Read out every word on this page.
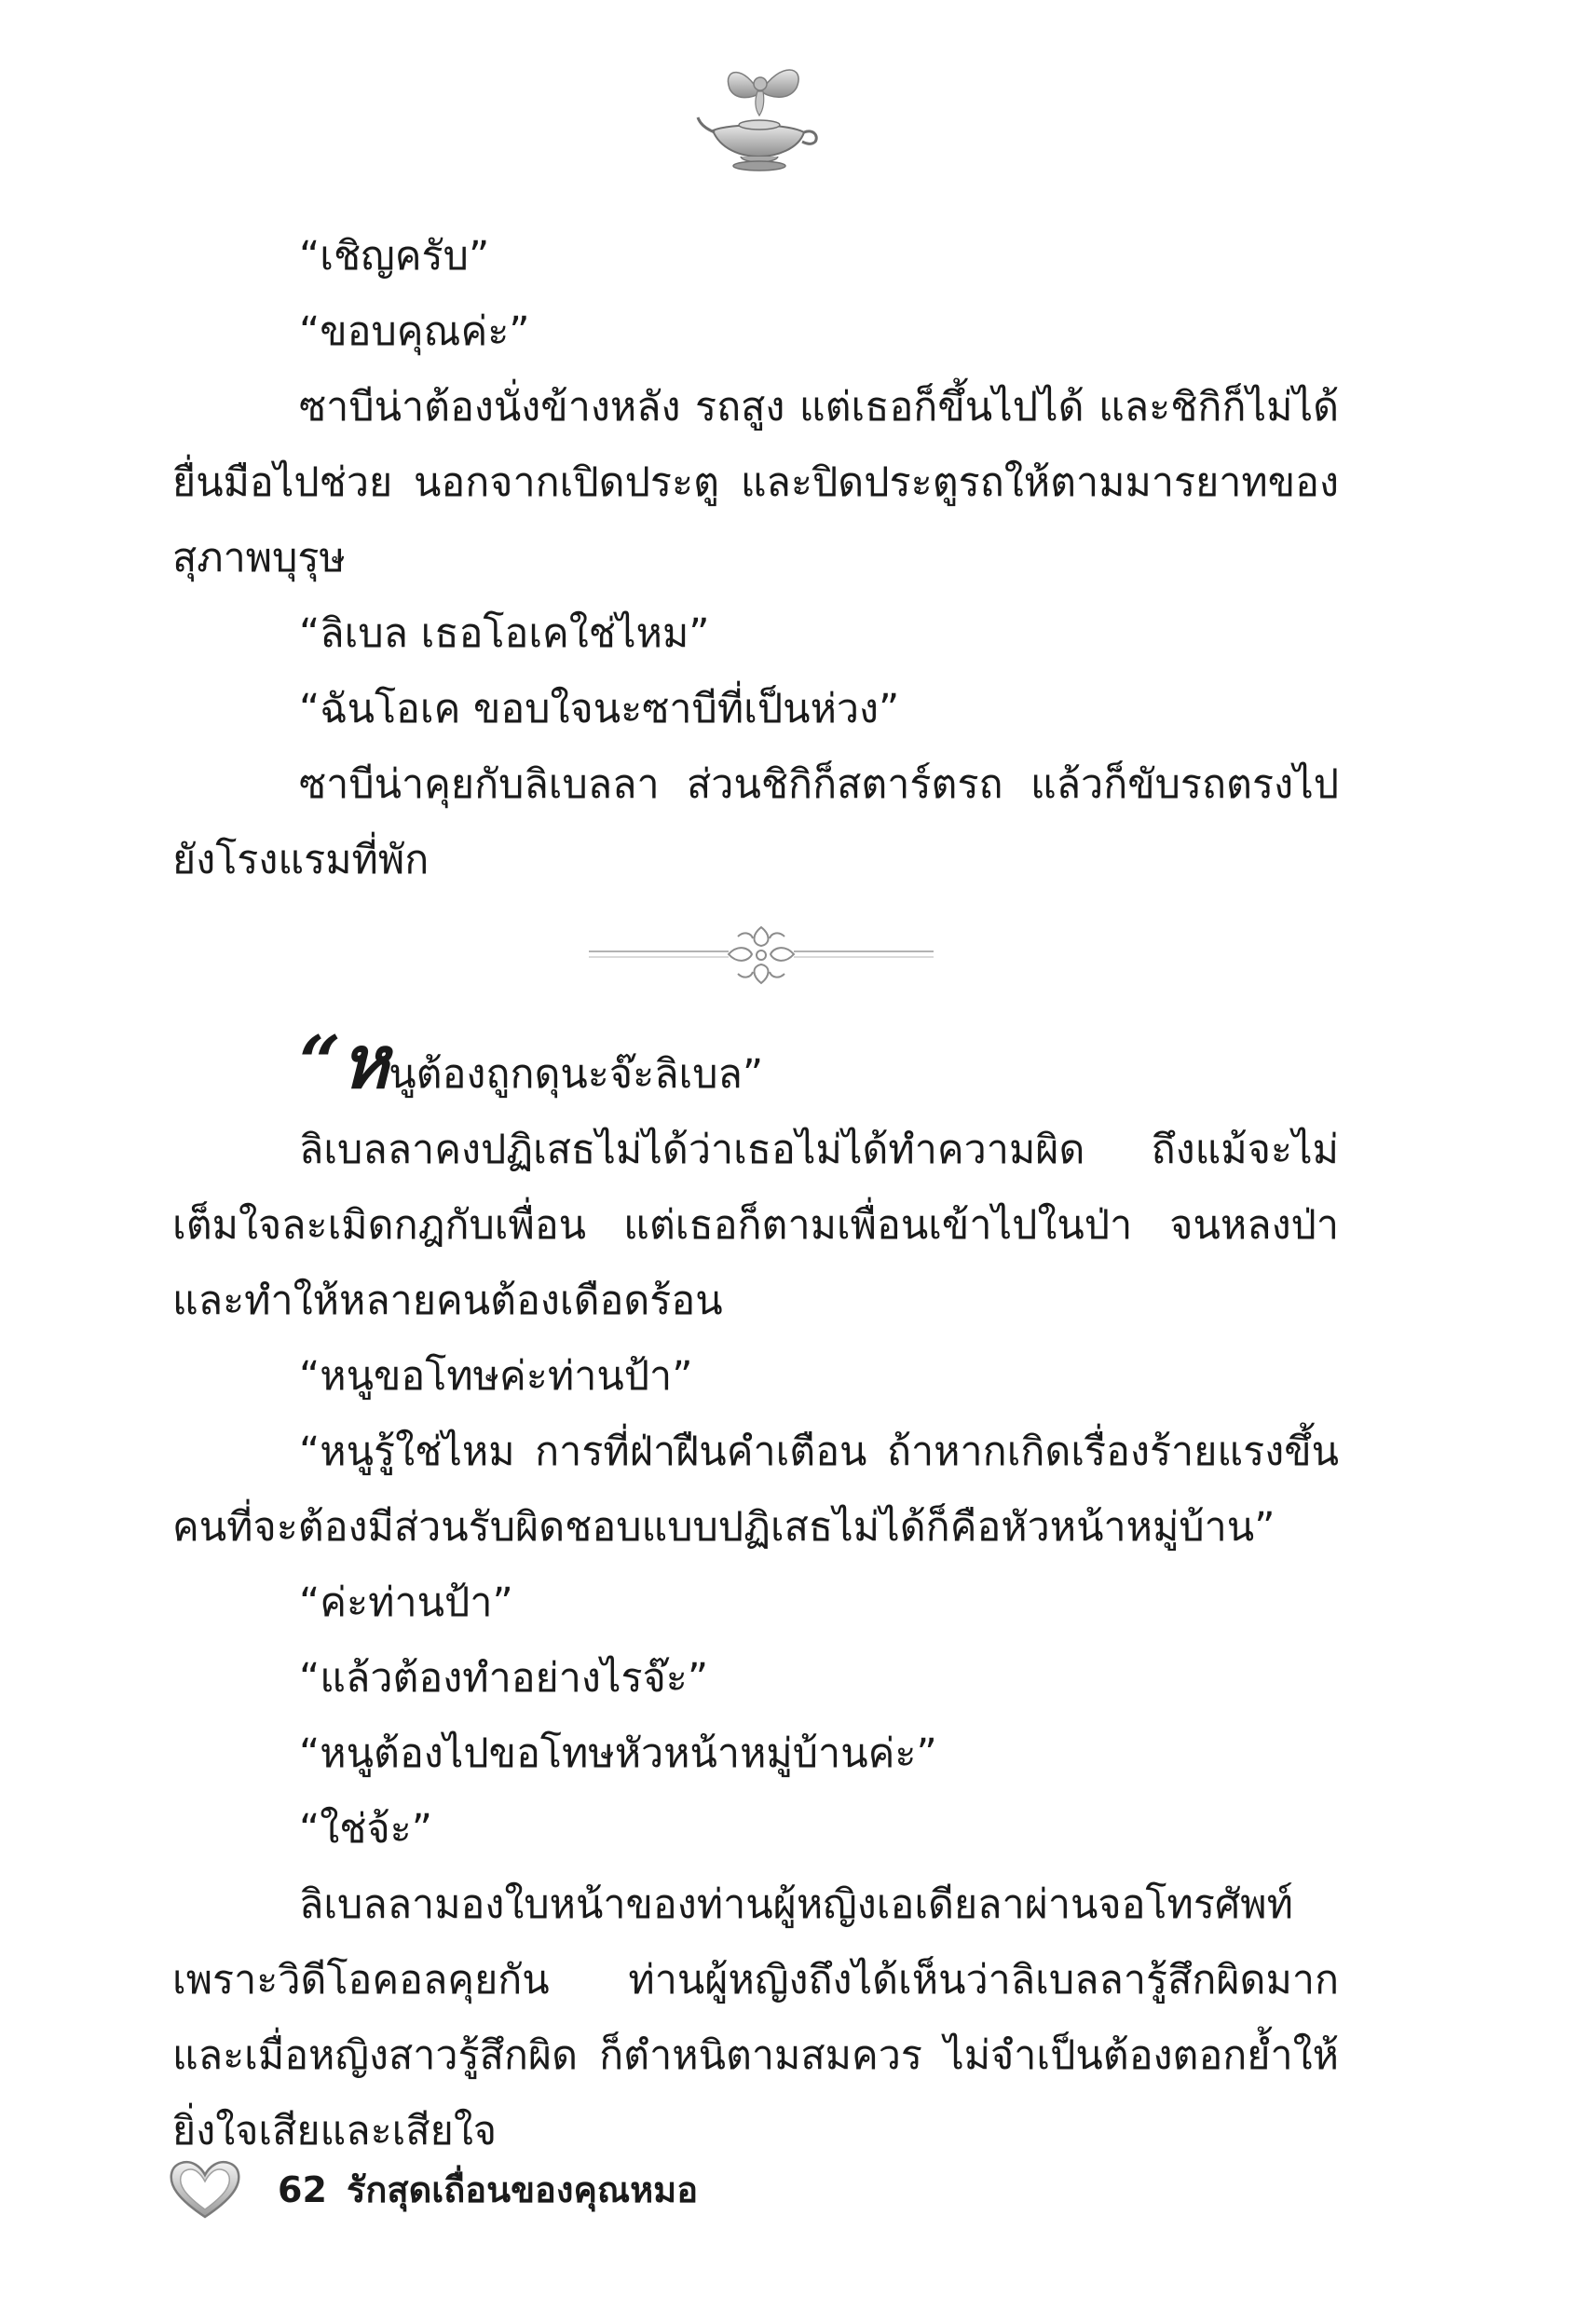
“เชิญครับ”

“ขอบคุณค่ะ”

ซาบีน่าต้องนั่งข้างหลัง รถสูง แต่เธอก็ขึ้นไปได้ และชิกิก็ไม่ได้ยื่นมือไปช่วย นอกจากเปิดประตู และปิดประตูรถให้ตามมารยาทของสุภาพบุรุษ

“ลิเบล เธอโอเคใช่ไหม”

“ฉันโอเค ขอบใจนะซาบีที่เป็นห่วง”

ซาบีน่าคุยกับลิเบลลา ส่วนชิกิก็สตาร์ตรถ แล้วก็ขับรถตรงไปยังโรงแรมที่พัก

“หนูต้องถูกดุนะจ๊ะลิเบล”

ลิเบลลาคงปฏิเสธไม่ได้ว่าเธอไม่ได้ทำความผิด ถึงแม้จะไม่เต็มใจละเมิดกฎกับเพื่อน แต่เธอก็ตามเพื่อนเข้าไปในป่า จนหลงป่า และทำให้หลายคนต้องเดือดร้อน

“หนูขอโทษค่ะท่านป้า”

“หนูรู้ใช่ไหม การที่ฝ่าฝืนคำเตือน ถ้าหากเกิดเรื่องร้ายแรงขึ้นคนที่จะต้องมีส่วนรับผิดชอบแบบปฏิเสธไม่ได้ก็คือหัวหน้าหมู่บ้าน”

“ค่ะท่านป้า”

“แล้วต้องทำอย่างไรจ๊ะ”

“หนูต้องไปขอโทษหัวหน้าหมู่บ้านค่ะ”

“ใช่จ้ะ”

ลิเบลลามองใบหน้าของท่านผู้หญิงเอเดียลาผ่านจอโทรศัพท์เพราะวิดีโอคอลคุยกัน ท่านผู้หญิงถึงได้เห็นว่าลิเบลลารู้สึกผิดมากและเมื่อหญิงสาวรู้สึกผิด ก็ตำหนิตามสมควร ไม่จำเป็นต้องตอกย้ำให้ยิ่งใจเสียและเสียใจ

62 รักสุดเถื่อนของคุณหมอ
